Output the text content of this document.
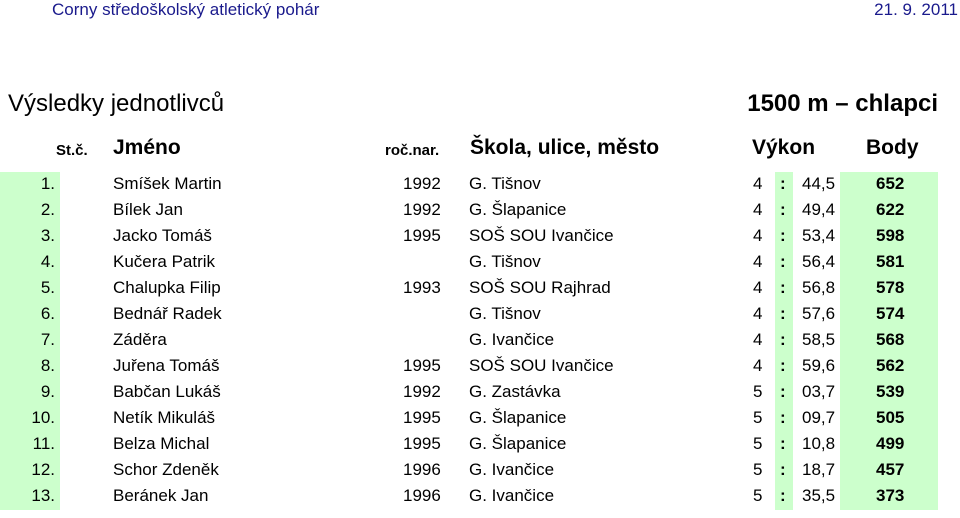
Corny středoškolský atletický pohár	21. 9. 2011
Výsledky jednotlivců	1500 m – chlapci
St.č. Jméno	roč.nar. Škola, ulice, město	Výkon Body
1.	Smíšek Martin	1992 G. Tišnov	4 : 44,5 652
2.	Bílek Jan	1992 G. Šlapanice	4 : 49,4 622
3.	Jacko Tomáš	1995 SOŠ SOU Ivančice	4 : 53,4 598
4.	Kučera Patrik	G. Tišnov	4 : 56,4 581
5.	Chalupka Filip	1993 SOŠ SOU Rajhrad	4 : 56,8 578
6.	Bednář Radek	G. Tišnov	4 : 57,6 574
7.	Záděra	G. Ivančice	4 : 58,5 568
8.	Juřena Tomáš	1995 SOŠ SOU Ivančice	4 : 59,6 562
9.	Babčan Lukáš	1992 G. Zastávka	5 : 03,7 539
10.	Netík Mikuláš	1995 G. Šlapanice	5 : 09,7 505
11.	Belza Michal	1995 G. Šlapanice	5 : 10,8 499
12.	Schor Zdeněk	1996 G. Ivančice	5 : 18,7 457
13.	Beránek Jan	1996 G. Ivančice	5 : 35,5 373
